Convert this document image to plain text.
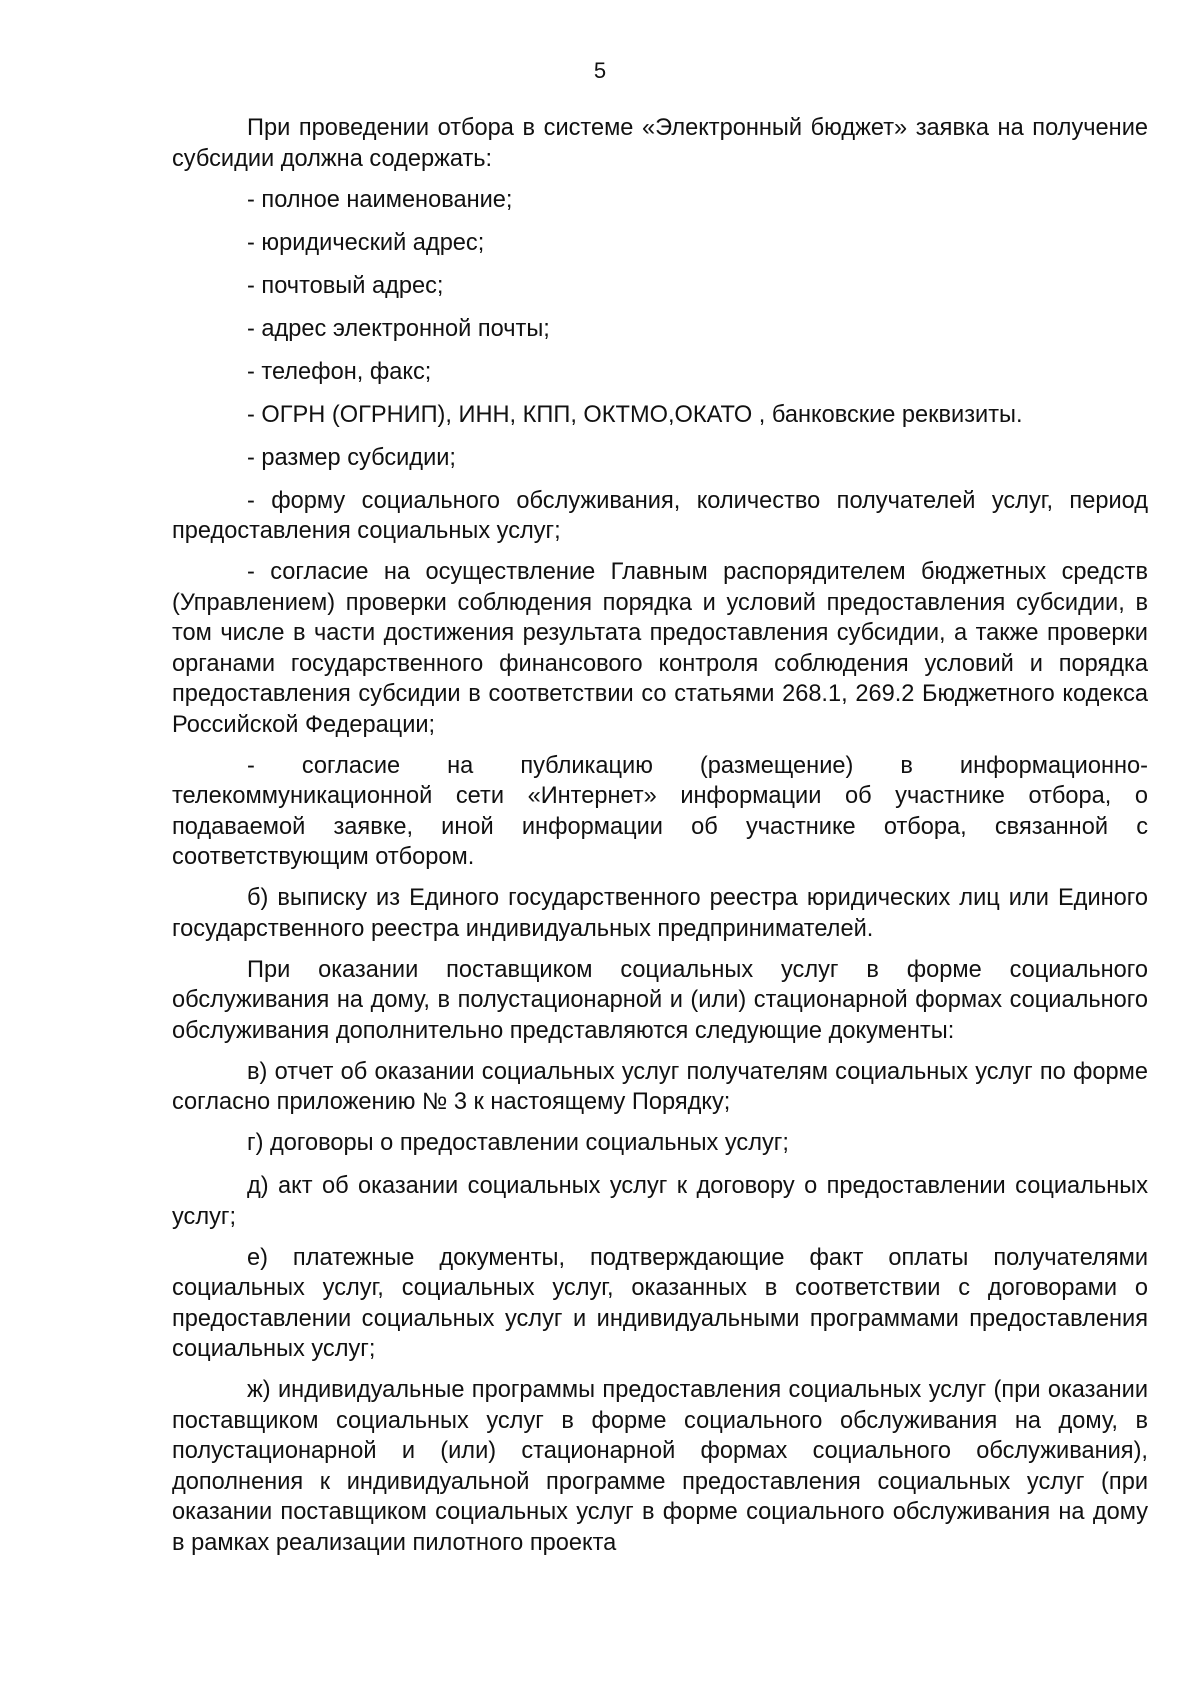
5

При проведении отбора в системе «Электронный бюджет» заявка на получение субсидии должна содержать:

- полное наименование;

- юридический адрес;

- почтовый адрес;

- адрес электронной почты;

- телефон, факс;

- ОГРН (ОГРНИП), ИНН, КПП, ОКТМО,ОКАТО , банковские реквизиты.

- размер субсидии;

- форму социального обслуживания, количество получателей услуг, период предоставления социальных услуг;

- согласие на осуществление Главным распорядителем бюджетных средств (Управлением) проверки соблюдения порядка и условий предоставления субсидии, в том числе в части достижения результата предоставления субсидии, а также проверки органами государственного финансового контроля соблюдения условий и порядка предоставления субсидии в соответствии со статьями 268.1, 269.2 Бюджетного кодекса Российской Федерации;

- согласие на публикацию (размещение) в информационно-телекоммуникационной сети «Интернет» информации об участнике отбора, о подаваемой заявке, иной информации об участнике отбора, связанной с соответствующим отбором.

б) выписку из Единого государственного реестра юридических лиц или Единого государственного реестра индивидуальных предпринимателей.

При оказании поставщиком социальных услуг в форме социального обслуживания на дому, в полустационарной и (или) стационарной формах социального обслуживания дополнительно представляются следующие документы:

в) отчет об оказании социальных услуг получателям социальных услуг по форме согласно приложению № 3 к настоящему Порядку;

г) договоры о предоставлении социальных услуг;

д) акт об оказании социальных услуг к договору о предоставлении социальных услуг;

е) платежные документы, подтверждающие факт оплаты получателями социальных услуг, социальных услуг, оказанных в соответствии с договорами о предоставлении социальных услуг и индивидуальными программами предоставления социальных услуг;

ж) индивидуальные программы предоставления социальных услуг (при оказании поставщиком социальных услуг в форме социального обслуживания на дому, в полустационарной и (или) стационарной формах социального обслуживания), дополнения к индивидуальной программе предоставления социальных услуг (при оказании поставщиком социальных услуг в форме социального обслуживания на дому в рамках реализации пилотного проекта
